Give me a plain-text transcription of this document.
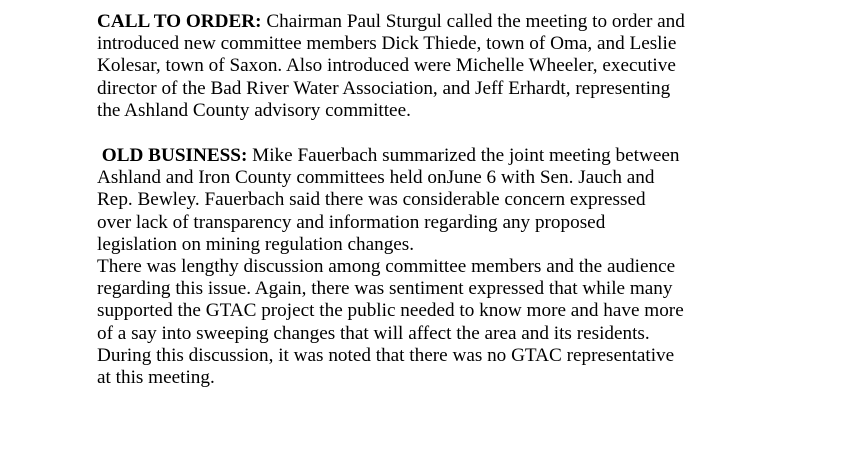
CALL TO ORDER: Chairman Paul Sturgul called the meeting to order and
introduced new committee members Dick Thiede, town of Oma, and Leslie
Kolesar, town of Saxon. Also introduced were Michelle Wheeler, executive
director of the Bad River Water Association, and Jeff Erhardt, representing
the Ashland County advisory committee.
OLD BUSINESS: Mike Fauerbach summarized the joint meeting between
Ashland and Iron County committees held onJune 6 with Sen. Jauch and
Rep. Bewley. Fauerbach said there was considerable concern expressed
over lack of transparency and information regarding any proposed
legislation on mining regulation changes.
There was lengthy discussion among committee members and the audience
regarding this issue. Again, there was sentiment expressed that while many
supported the GTAC project the public needed to know more and have more
of a say into sweeping changes that will affect the area and its residents.
During this discussion, it was noted that there was no GTAC representative
at this meeting.
